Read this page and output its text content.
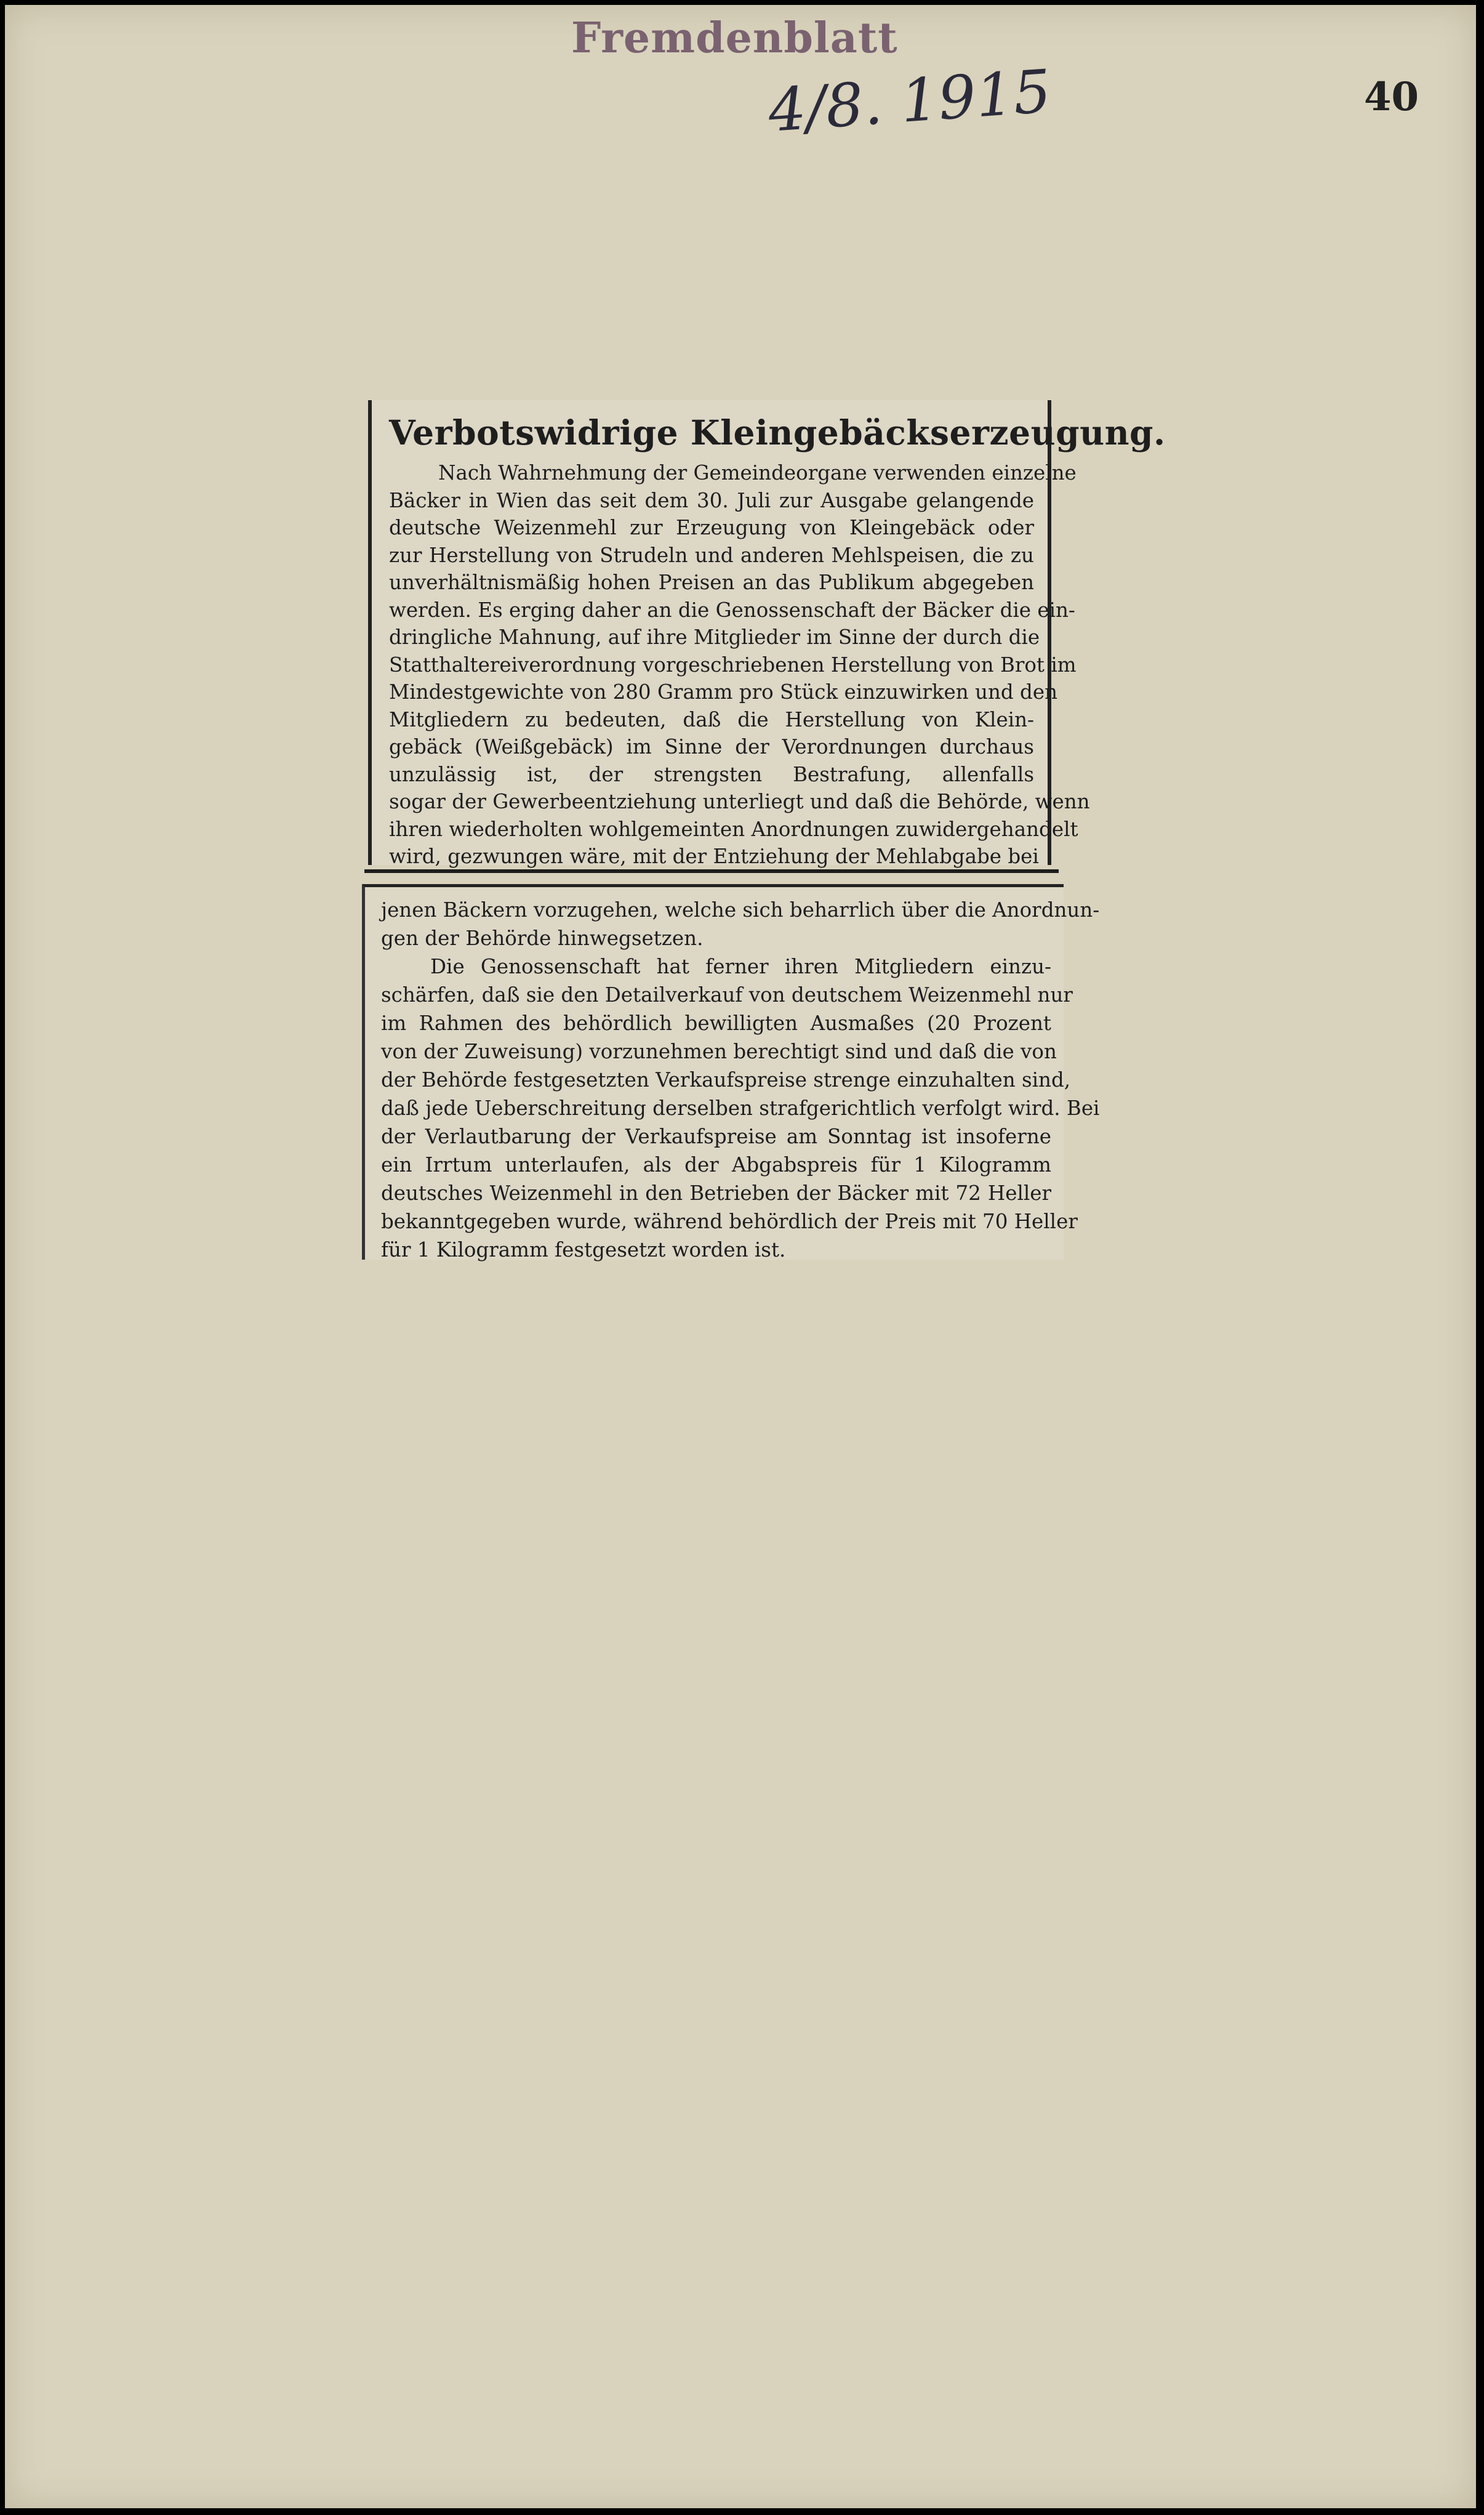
Fremdenblatt
4/8. 1915	40
Verbotswidrige Kleingebäckserzeugung.
Nach Wahrnehmung der Gemeindeorgane verwenden einzelne
Bäcker in Wien das seit dem 30. Juli zur Ausgabe gelangende
deutsche Weizenmehl zur Erzeugung von Kleingebäck oder
zur Herstellung von Strudeln und anderen Mehlspeisen, die zu
unverhältnismäßig hohen Preisen an das Publikum abgegeben
werden. Es erging daher an die Genossenschaft der Bäcker die ein-
dringliche Mahnung, auf ihre Mitglieder im Sinne der durch die
Statthaltereiverordnung vorgeschriebenen Herstellung von Brot im
Mindestgewichte von 280 Gramm pro Stück einzuwirken und den
Mitgliedern zu bedeuten, daß die Herstellung von Klein-
gebäck (Weißgebäck) im Sinne der Verordnungen durchaus
unzulässig ist, der strengsten Bestrafung, allenfalls
sogar der Gewerbeentziehung unterliegt und daß die Behörde, wenn
ihren wiederholten wohlgemeinten Anordnungen zuwidergehandelt
wird, gezwungen wäre, mit der Entziehung der Mehlabgabe bei
jenen Bäckern vorzugehen, welche sich beharrlich über die Anordnun-
gen der Behörde hinwegsetzen.
Die Genossenschaft hat ferner ihren Mitgliedern einzu-
schärfen, daß sie den Detailverkauf von deutschem Weizenmehl nur
im Rahmen des behördlich bewilligten Ausmaßes (20 Prozent
von der Zuweisung) vorzunehmen berechtigt sind und daß die von
der Behörde festgesetzten Verkaufspreise strenge einzuhalten sind,
daß jede Ueberschreitung derselben strafgerichtlich verfolgt wird. Bei
der Verlautbarung der Verkaufspreise am Sonntag ist insoferne
ein Irrtum unterlaufen, als der Abgabspreis für 1 Kilogramm
deutsches Weizenmehl in den Betrieben der Bäcker mit 72 Heller
bekanntgegeben wurde, während behördlich der Preis mit 70 Heller
für 1 Kilogramm festgesetzt worden ist.
